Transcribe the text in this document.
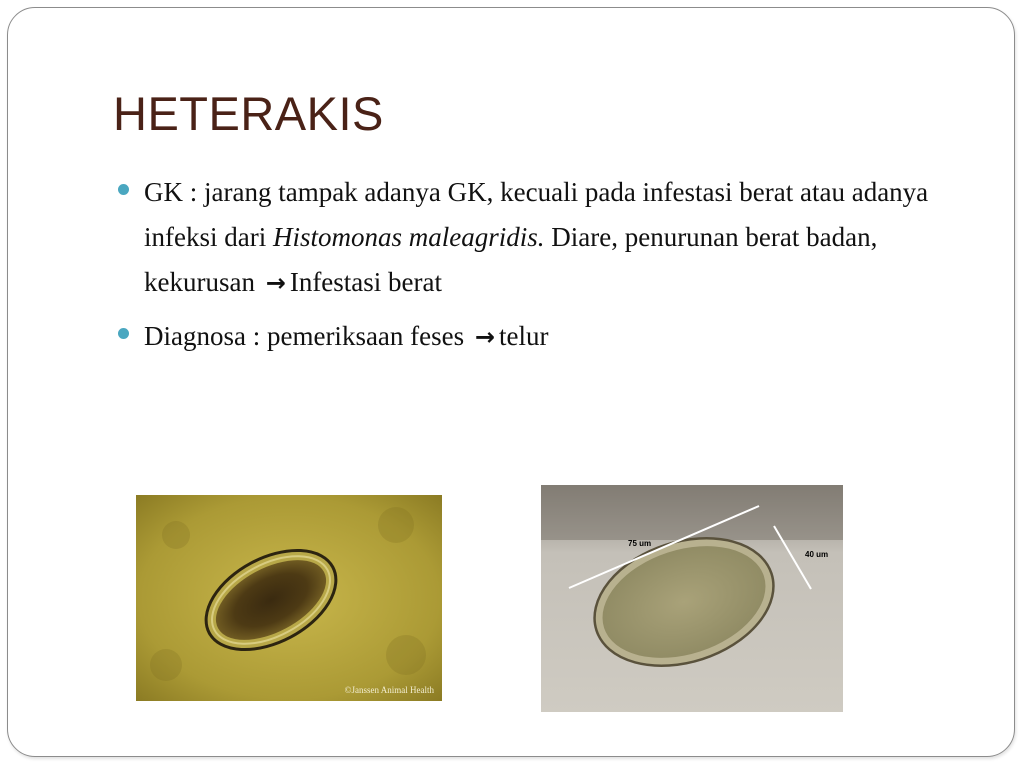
HETERAKIS
GK : jarang tampak adanya GK, kecuali pada infestasi berat atau adanya infeksi dari Histomonas maleagridis. Diare, penurunan berat badan, kekurusan → Infestasi berat
Diagnosa : pemeriksaan feses → telur
©Janssen Animal Health
75 um
40 um
